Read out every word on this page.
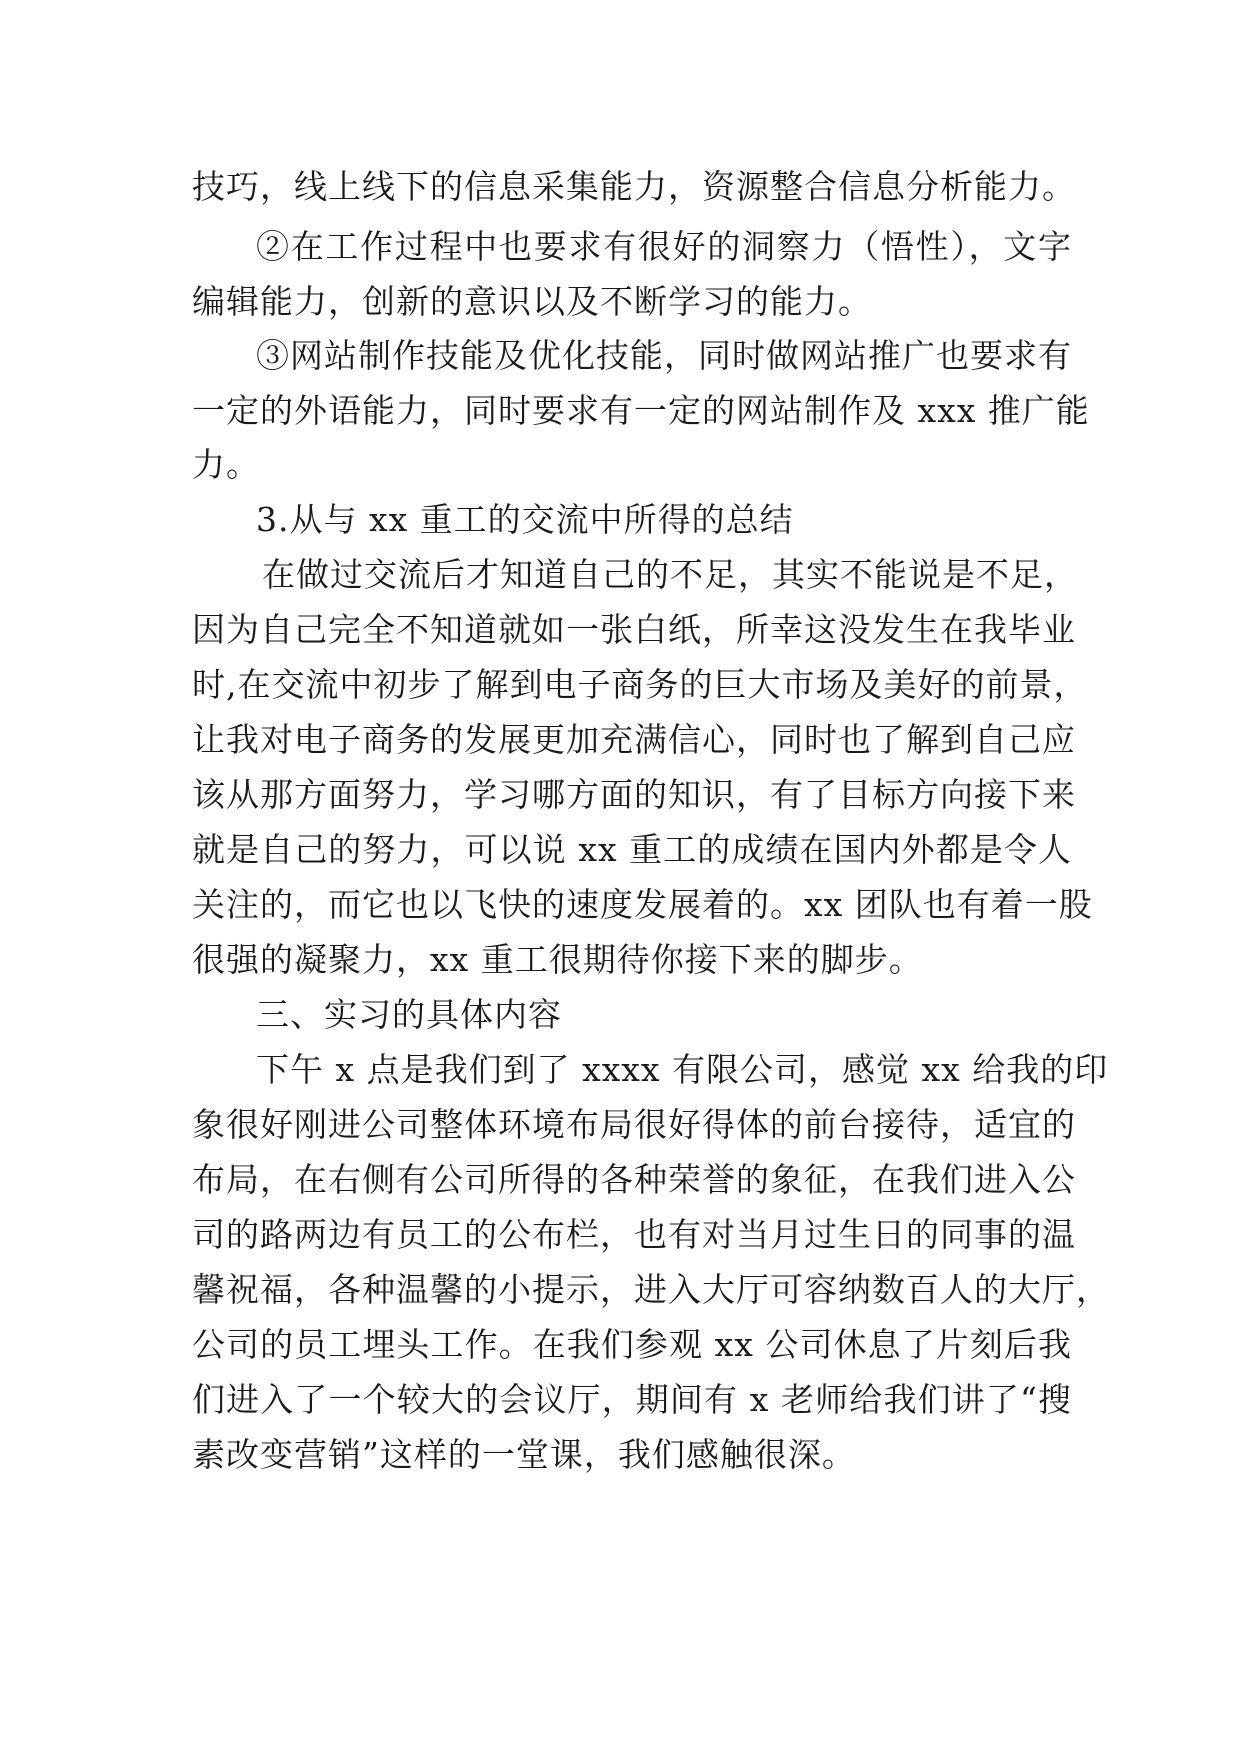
技巧，线上线下的信息采集能力，资源整合信息分析能力。
②在工作过程中也要求有很好的洞察力（悟性），文字
编辑能力，创新的意识以及不断学习的能力。
③网站制作技能及优化技能，同时做网站推广也要求有
一定的外语能力，同时要求有一定的网站制作及 xxx 推广能
力。
3.从与 xx 重工的交流中所得的总结
在做过交流后才知道自己的不足，其实不能说是不足，
因为自己完全不知道就如一张白纸，所幸这没发生在我毕业
时,在交流中初步了解到电子商务的巨大市场及美好的前景，
让我对电子商务的发展更加充满信心，同时也了解到自己应
该从那方面努力，学习哪方面的知识，有了目标方向接下来
就是自己的努力，可以说 xx 重工的成绩在国内外都是令人
关注的，而它也以飞快的速度发展着的。xx 团队也有着一股
很强的凝聚力，xx 重工很期待你接下来的脚步。
三、实习的具体内容
下午 x 点是我们到了 xxxx 有限公司，感觉 xx 给我的印
象很好刚进公司整体环境布局很好得体的前台接待，适宜的
布局，在右侧有公司所得的各种荣誉的象征，在我们进入公
司的路两边有员工的公布栏，也有对当月过生日的同事的温
馨祝福，各种温馨的小提示，进入大厅可容纳数百人的大厅，
公司的员工埋头工作。在我们参观 xx 公司休息了片刻后我
们进入了一个较大的会议厅，期间有 x 老师给我们讲了“搜
素改变营销”这样的一堂课，我们感触很深。
